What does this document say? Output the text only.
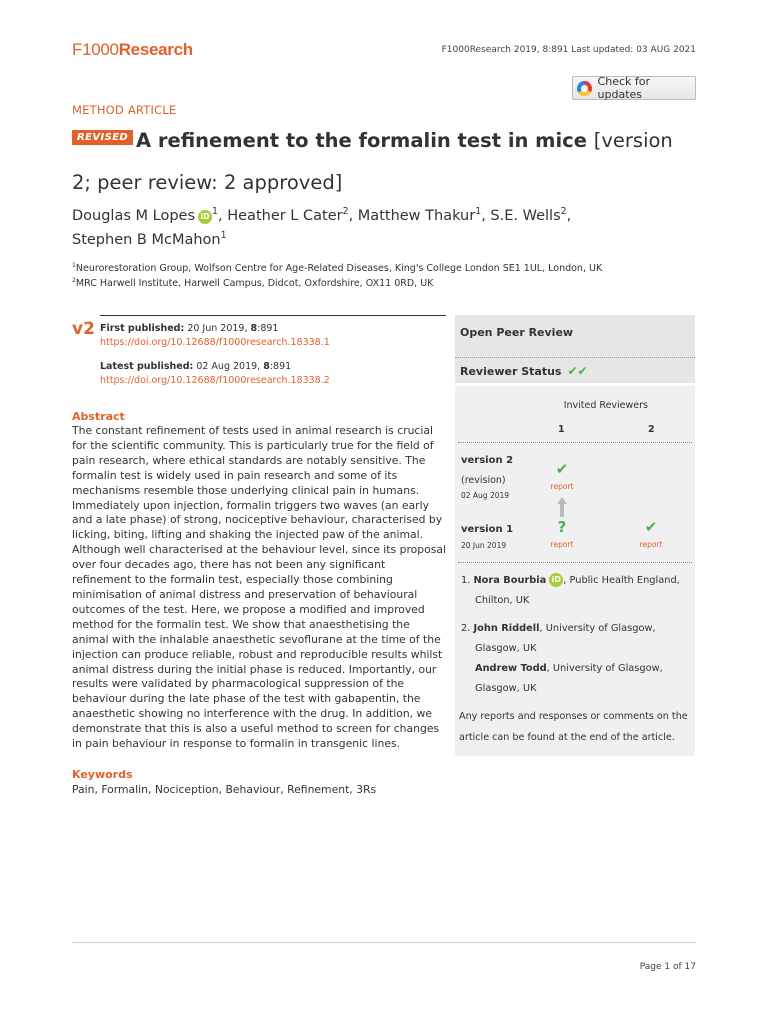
F1000Research	F1000Research 2019, 8:891 Last updated: 03 AUG 2021
Check for updates
METHOD ARTICLE
A refinement to the formalin test in mice [version 2; peer review: 2 approved]
REVISED
Douglas M Lopes iD $^1$, Heather L Cater$^2$, Matthew Thakur$^1$, S.E. Wells$^2$,
Stephen B McMahon$^1$
$^1$Neurorestoration Group, Wolfson Centre for Age-Related Diseases, King's College London SE1 1UL, London, UK
$^2$MRC Harwell Institute, Harwell Campus, Didcot, Oxfordshire, OX11 0RD, UK
v2 First published: 20 Jun 2019, 8:891
https://doi.org/10.12688/f1000research.18338.1
Latest published: 02 Aug 2019, 8:891
https://doi.org/10.12688/f1000research.18338.2
Abstract
The constant refinement of tests used in animal research is crucial for the scientific community. This is particularly true for the field of pain research, where ethical standards are notably sensitive. The formalin test is widely used in pain research and some of its mechanisms resemble those underlying clinical pain in humans. Immediately upon injection, formalin triggers two waves (an early and a late phase) of strong, nociceptive behaviour, characterised by licking, biting, lifting and shaking the injected paw of the animal. Although well characterised at the behaviour level, since its proposal over four decades ago, there has not been any significant refinement to the formalin test, especially those combining minimisation of animal distress and preservation of behavioural outcomes of the test. Here, we propose a modified and improved method for the formalin test. We show that anaesthetising the animal with the inhalable anaesthetic sevoflurane at the time of the injection can produce reliable, robust and reproducible results whilst animal distress during the initial phase is reduced. Importantly, our results were validated by pharmacological suppression of the behaviour during the late phase of the test with gabapentin, the anaesthetic showing no interference with the drug. In addition, we demonstrate that this is also a useful method to screen for changes in pain behaviour in response to formalin in transgenic lines.
Keywords
Pain, Formalin, Nociception, Behaviour, Refinement, 3Rs
Open Peer Review
Reviewer Status ✔✔
Invited Reviewers
1	2
version 2
(revision)
02 Aug 2019
✔
report
version 1
20 Jun 2019
?
report
✔
report
1. Nora Bourbia iD , Public Health England,
Chilton, UK
2. John Riddell, University of Glasgow,
Glasgow, UK
Andrew Todd, University of Glasgow,
Glasgow, UK
Any reports and responses or comments on the article can be found at the end of the article.
Page 1 of 17
